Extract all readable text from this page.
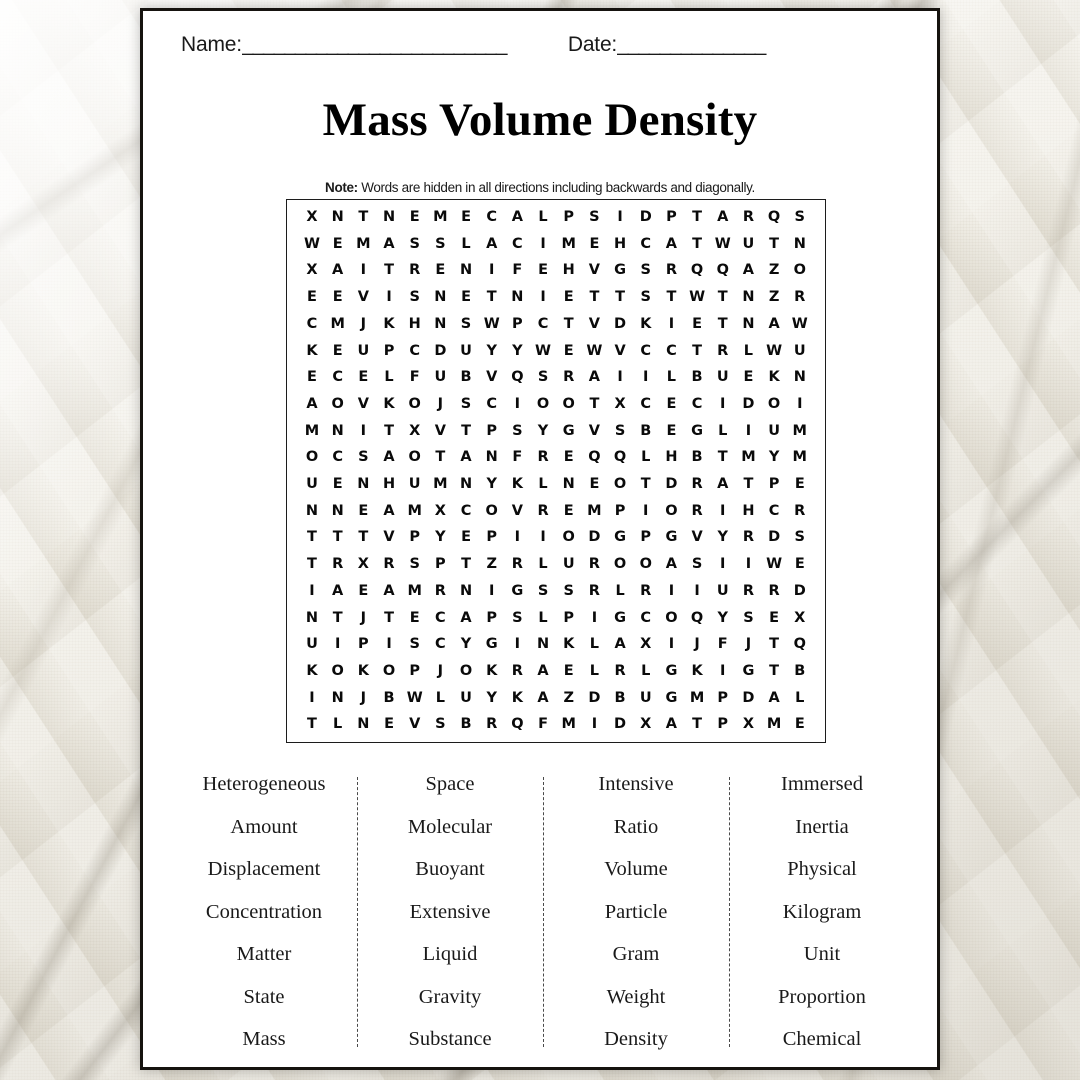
Name: _________________________	Date: ______________
Mass Volume Density
Note: Words are hidden in all directions including backwards and diagonally.
X N	T	N	E M E	C	A	L	P	S	I	D P	T	A R Q S
W E M A	S	S	L	A	C	I	M E	H C	A	T W U	T	N
X A	I	T	R	E	N	I	F	E	H V G S	R Q Q A	Z O
E	E	V	I	S N	E	T	N	I	E	T	T	S	T W T	N Z	R
C M	J	K H N S W P	C	T	V D K	I	E	T	N A W
K	E	U P	C D U	Y	Y W E W V	C	C	T	R	L W U
E	C	E	L	F	U B	V Q S	R A	I	I	L	B U	E	K N
A O V K O	J	S	C	I	O O	T	X	C	E	C	I	D O	I
M N	I	T	X V	T	P	S	Y G V	S	B	E	G	L	I	U M
O C	S	A O	T	A N	F	R	E	Q Q	L	H B	T M Y M
U	E	N H U M N Y	K	L	N	E	O	T	D R A	T	P	E
N N	E	A M X	C O V R	E M P	I	O R	I	H C	R
T	T	T	V	P	Y	E	P	I	I	O D G P G V	Y	R D S
T	R	X R	S	P	T	Z	R	L	U R O O A	S	I	I	W E
I	A	E	A M R N	I	G S	S	R	L	R	I	I	U R	R D
N	T	J	T	E	C	A	P	S	L	P	I	G C O Q Y	S	E	X
U	I	P	I	S	C	Y G	I	N K	L	A X	I	J	F	J	T	Q
K O K O P	J	O K R A	E	L	R	L	G K	I	G	T	B
I	N	J	B W L	U	Y	K A	Z D B U G M P D A	L
T	L	N	E	V	S	B	R Q	F M	I	D X A	T	P	X M E
Heterogeneous
Amount
Displacement
Concentration
Matter
State
Mass
Space
Molecular
Buoyant
Extensive
Liquid
Gravity
Substance
Intensive
Ratio
Volume
Particle
Gram
Weight
Density
Immersed
Inertia
Physical
Kilogram
Unit
Proportion
Chemical
